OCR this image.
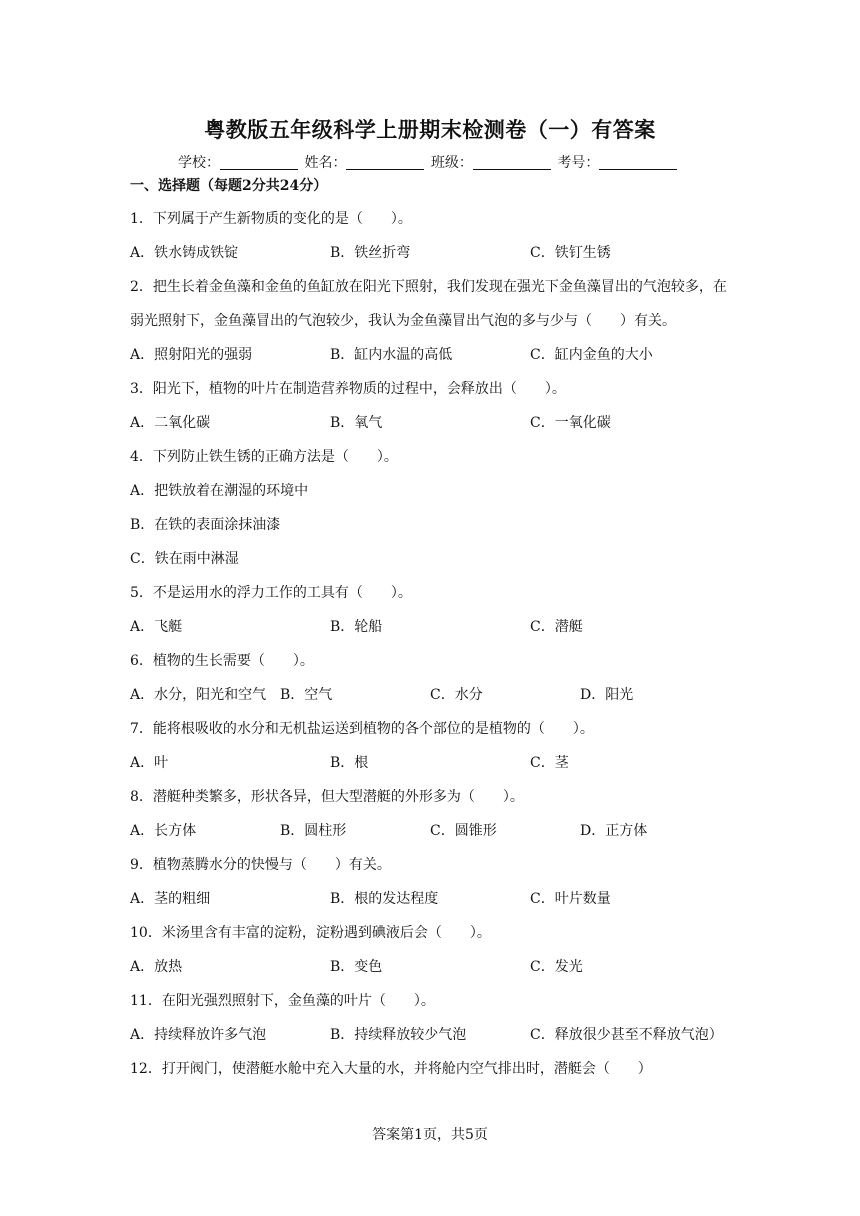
粤教版五年级科学上册期末检测卷（一）有答案
学校：	姓名：	班级：	考号：
一、选择题（每题2分共24分）

1．下列属于产生新物质的变化的是（　　）。

A．铁水铸成铁锭	B．铁丝折弯	C．铁钉生锈

2．把生长着金鱼藻和金鱼的鱼缸放在阳光下照射，我们发现在强光下金鱼藻冒出的气泡较多，在弱光照射下，金鱼藻冒出的气泡较少，我认为金鱼藻冒出气泡的多与少与（　　）有关。

A．照射阳光的强弱	B．缸内水温的高低	C．缸内金鱼的大小

3．阳光下，植物的叶片在制造营养物质的过程中，会释放出（　　）。

A．二氧化碳	B．氧气	C．一氧化碳

4．下列防止铁生锈的正确方法是（　　）。

A．把铁放着在潮湿的环境中
B．在铁的表面涂抹油漆
C．铁在雨中淋湿

5．不是运用水的浮力工作的工具有（　　）。

A．飞艇	B．轮船	C．潜艇

6．植物的生长需要（　　）。

A．水分，阳光和空气 B．空气	C．水分	D．阳光

7．能将根吸收的水分和无机盐运送到植物的各个部位的是植物的（　　）。

A．叶	B．根	C．茎

8．潜艇种类繁多，形状各异，但大型潜艇的外形多为（　　）。

A．长方体	B．圆柱形	C．圆锥形	D．正方体

9．植物蒸腾水分的快慢与（　　）有关。

A．茎的粗细	B．根的发达程度	C．叶片数量

10．米汤里含有丰富的淀粉，淀粉遇到碘液后会（　　）。

A．放热	B．变色	C．发光

11．在阳光强烈照射下，金鱼藻的叶片（　　）。

A．持续释放许多气泡	B．持续释放较少气泡	C．释放很少甚至不释放气泡）

12．打开阀门，使潜艇水舱中充入大量的水，并将舱内空气排出时，潜艇会（　　）

答案第1页，共5页
